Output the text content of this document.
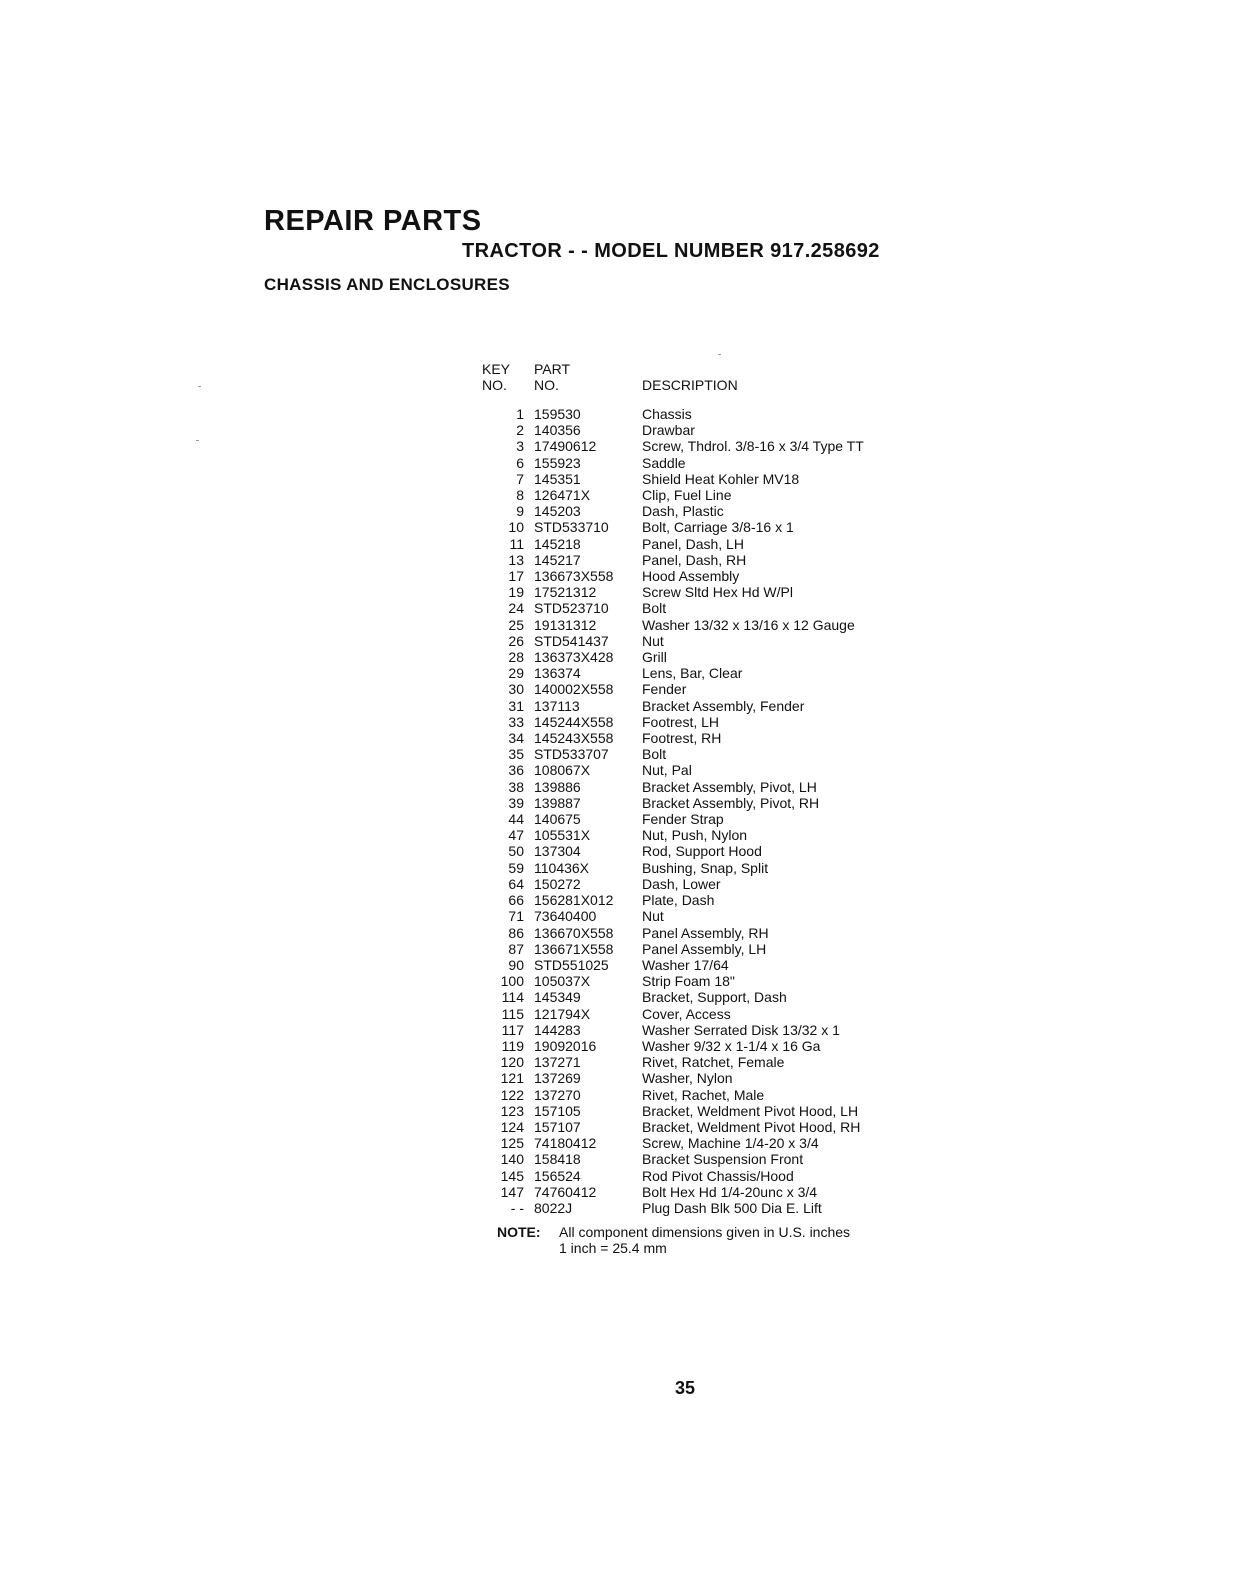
REPAIR PARTS
TRACTOR - - MODEL NUMBER 917.258692
CHASSIS AND ENCLOSURES
KEY	PART	
NO.	NO.	DESCRIPTION
1	159530	Chassis
2	140356	Drawbar
3	17490612	Screw, Thdrol. 3/8-16 x 3/4 Type TT
6	155923	Saddle
7	145351	Shield Heat Kohler MV18
8	126471X	Clip, Fuel Line
9	145203	Dash, Plastic
10	STD533710	Bolt, Carriage 3/8-16 x 1
11	145218	Panel, Dash, LH
13	145217	Panel, Dash, RH
17	136673X558	Hood Assembly
19	17521312	Screw Sltd Hex Hd W/Pl
24	STD523710	Bolt
25	19131312	Washer 13/32 x 13/16 x 12 Gauge
26	STD541437	Nut
28	136373X428	Grill
29	136374	Lens, Bar, Clear
30	140002X558	Fender
31	137113	Bracket Assembly, Fender
33	145244X558	Footrest, LH
34	145243X558	Footrest, RH
35	STD533707	Bolt
36	108067X	Nut, Pal
38	139886	Bracket Assembly, Pivot, LH
39	139887	Bracket Assembly, Pivot, RH
44	140675	Fender Strap
47	105531X	Nut, Push, Nylon
50	137304	Rod, Support Hood
59	110436X	Bushing, Snap, Split
64	150272	Dash, Lower
66	156281X012	Plate, Dash
71	73640400	Nut
86	136670X558	Panel Assembly, RH
87	136671X558	Panel Assembly, LH
90	STD551025	Washer 17/64
100	105037X	Strip Foam 18"
114	145349	Bracket, Support, Dash
115	121794X	Cover, Access
117	144283	Washer Serrated Disk 13/32 x 1
119	19092016	Washer 9/32 x 1-1/4 x 16 Ga
120	137271	Rivet, Ratchet, Female
121	137269	Washer, Nylon
122	137270	Rivet, Rachet, Male
123	157105	Bracket, Weldment Pivot Hood, LH
124	157107	Bracket, Weldment Pivot Hood, RH
125	74180412	Screw, Machine 1/4-20 x 3/4
140	158418	Bracket Suspension Front
145	156524	Rod Pivot Chassis/Hood
147	74760412	Bolt Hex Hd 1/4-20unc x 3/4
- -	8022J	Plug Dash Blk 500 Dia E. Lift
NOTE: All component dimensions given in U.S. inches
1 inch = 25.4 mm
35
